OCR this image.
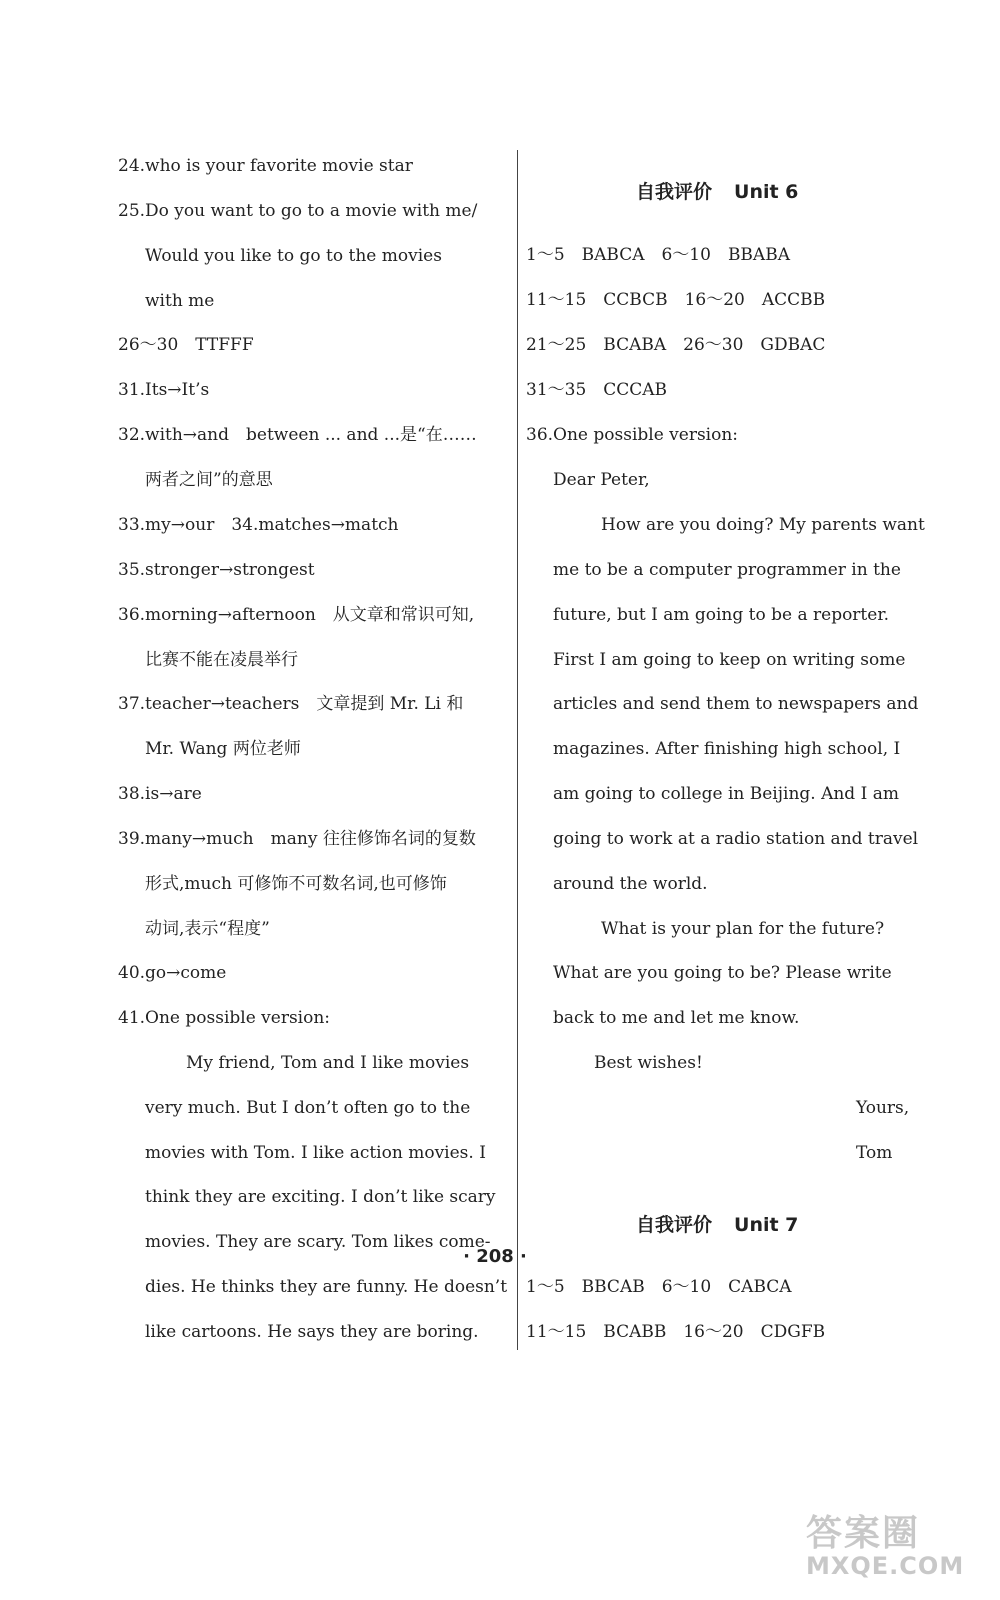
24.who is your favorite movie star
25.Do you want to go to a movie with me/
Would you like to go to the movies
with me
26～30　TTFFF
31.Its→It’s
32.with→and　between ... and ...是“在……
两者之间”的意思
33.my→our　34.matches→match
35.stronger→strongest
36.morning→afternoon　从文章和常识可知,
比赛不能在凌晨举行
37.teacher→teachers　文章提到 Mr. Li 和
Mr. Wang 两位老师
38.is→are
39.many→much　many 往往修饰名词的复数
形式,much 可修饰不可数名词,也可修饰
动词,表示“程度”
40.go→come
41.One possible version:
My friend, Tom and I like movies
very much. But I don’t often go to the
movies with Tom. I like action movies. I
think they are exciting. I don’t like scary
movies. They are scary. Tom likes come-
dies. He thinks they are funny. He doesn’t
like cartoons. He says they are boring.
自我评价 Unit 6
1～5　BABCA　6～10　BBABA
11～15　CCBCB　16～20　ACCBB
21～25　BCABA　26～30　GDBAC
31～35　CCCAB
36.One possible version:
Dear Peter,
How are you doing? My parents want
me to be a computer programmer in the
future, but I am going to be a reporter.
First I am going to keep on writing some
articles and send them to newspapers and
magazines. After finishing high school, I
am going to college in Beijing. And I am
going to work at a radio station and travel
around the world.
What is your plan for the future?
What are you going to be? Please write
back to me and let me know.
Best wishes!
Yours,
Tom
自我评价 Unit 7
1～5　BBCAB　6～10　CABCA
11～15　BCABB　16～20　CDGFB
· 208 ·
答案圈
MXQE.COM
